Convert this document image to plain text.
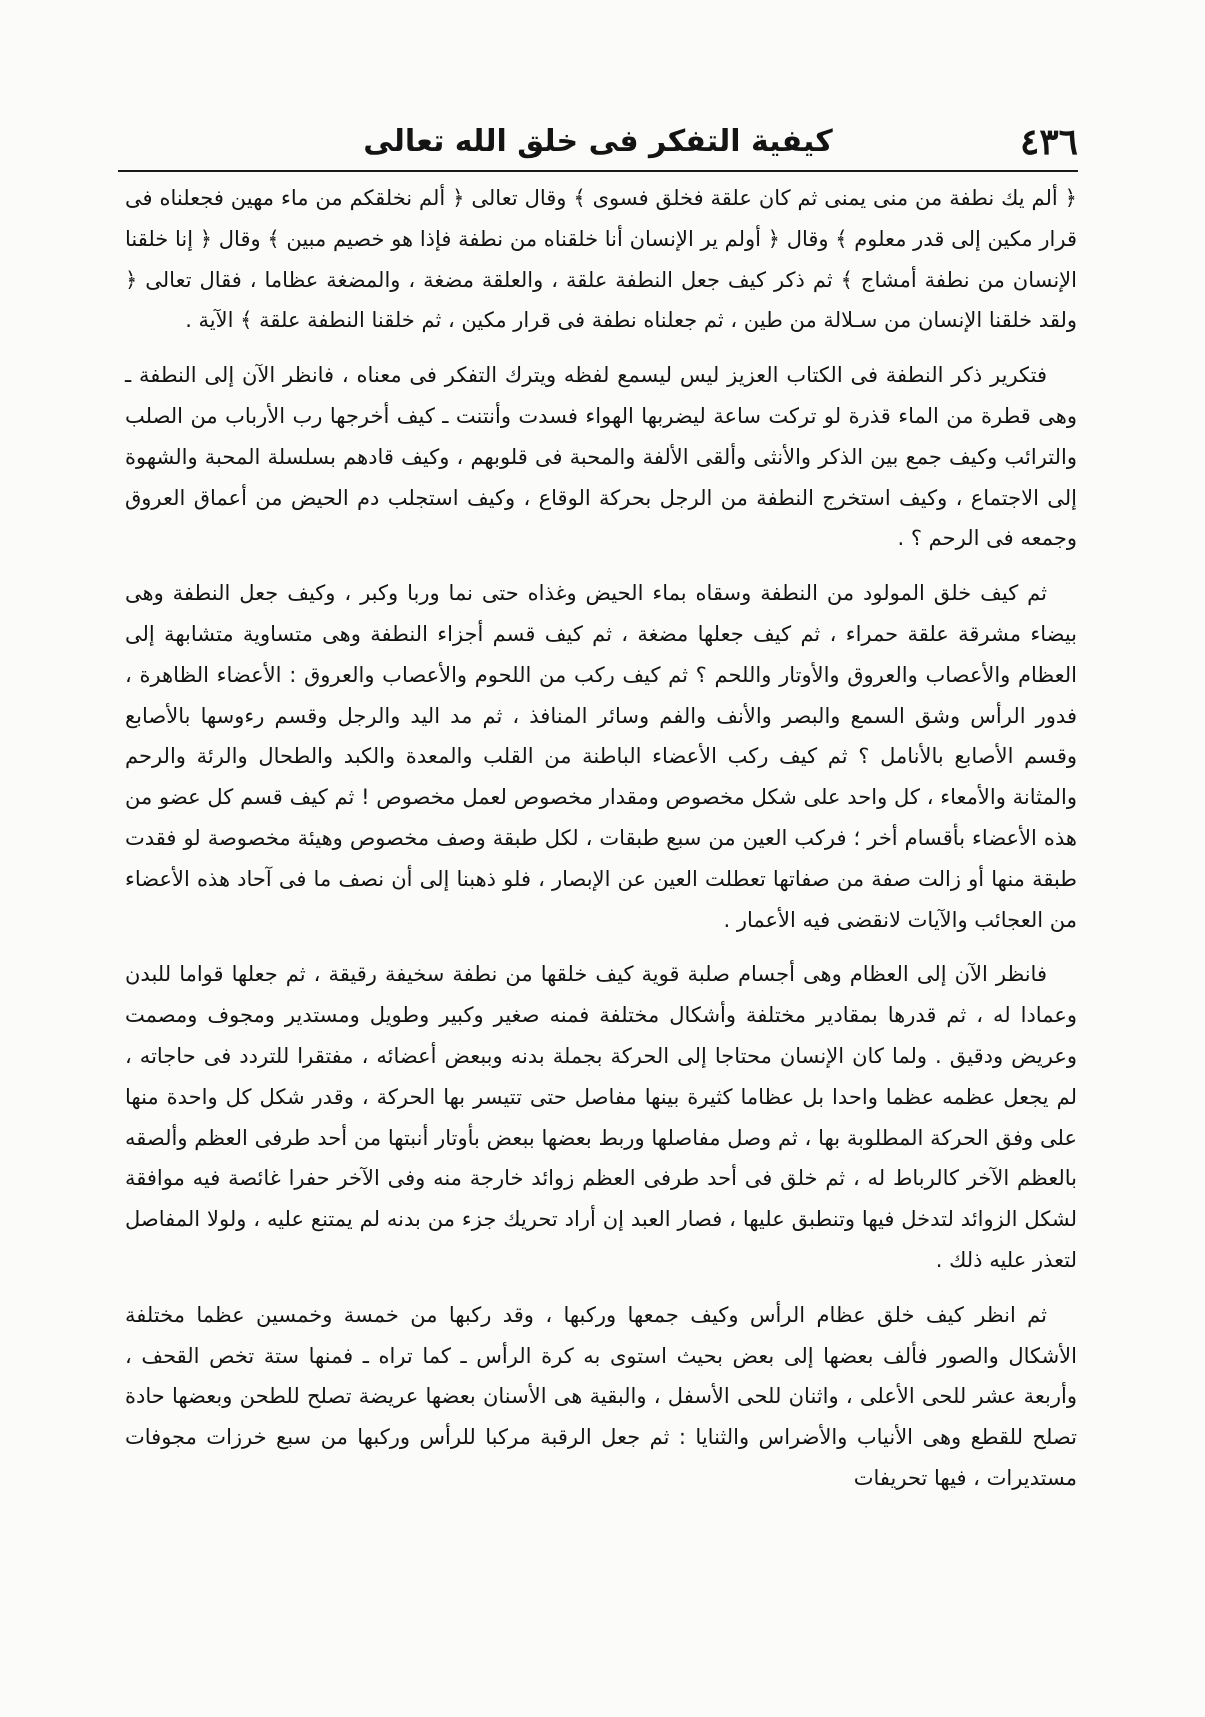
٤٣٦
كيفية التفكر فى خلق الله تعالى

﴿ ألم يك نطفة من منى يمنى ثم كان علقة فخلق فسوى ﴾ وقال تعالى ﴿ ألم نخلقكم من ماء مهين فجعلناه فى قرار مكين إلى قدر معلوم ﴾ وقال ﴿ أولم ير الإنسان أنا خلقناه من نطفة فإذا هو خصيم مبين ﴾ وقال ﴿ إنا خلقنا الإنسان من نطفة أمشاج ﴾ ثم ذكر كيف جعل النطفة علقة ، والعلقة مضغة ، والمضغة عظاما ، فقال تعالى ﴿ ولقد خلقنا الإنسان من سـلالة من طين ، ثم جعلناه نطفة فى قرار مكين ، ثم خلقنا النطفة علقة ﴾ الآية .

فتكرير ذكر النطفة فى الكتاب العزيز ليس ليسمع لفظه ويترك التفكر فى معناه ، فانظر الآن إلى النطفة ـ وهى قطرة من الماء قذرة لو تركت ساعة ليضربها الهواء فسدت وأنتنت ـ كيف أخرجها رب الأرباب من الصلب والترائب وكيف جمع بين الذكر والأنثى وألقى الألفة والمحبة فى قلوبهم ، وكيف قادهم بسلسلة المحبة والشهوة إلى الاجتماع ، وكيف استخرج النطفة من الرجل بحركة الوقاع ، وكيف استجلب دم الحيض من أعماق العروق وجمعه فى الرحم ؟ .

ثم كيف خلق المولود من النطفة وسقاه بماء الحيض وغذاه حتى نما وربا وكبر ، وكيف جعل النطفة وهى بيضاء مشرقة علقة حمراء ، ثم كيف جعلها مضغة ، ثم كيف قسم أجزاء النطفة وهى متساوية متشابهة إلى العظام والأعصاب والعروق والأوتار واللحم ؟ ثم كيف ركب من اللحوم والأعصاب والعروق : الأعضاء الظاهرة ، فدور الرأس وشق السمع والبصر والأنف والفم وسائر المنافذ ، ثم مد اليد والرجل وقسم رءوسها بالأصابع وقسم الأصابع بالأنامل ؟ ثم كيف ركب الأعضاء الباطنة من القلب والمعدة والكبد والطحال والرئة والرحم والمثانة والأمعاء ، كل واحد على شكل مخصوص ومقدار مخصوص لعمل مخصوص ! ثم كيف قسم كل عضو من هذه الأعضاء بأقسام أخر ؛ فركب العين من سبع طبقات ، لكل طبقة وصف مخصوص وهيئة مخصوصة لو فقدت طبقة منها أو زالت صفة من صفاتها تعطلت العين عن الإبصار ، فلو ذهبنا إلى أن نصف ما فى آحاد هذه الأعضاء من العجائب والآيات لانقضى فيه الأعمار .

فانظر الآن إلى العظام وهى أجسام صلبة قوية كيف خلقها من نطفة سخيفة رقيقة ، ثم جعلها قواما للبدن وعمادا له ، ثم قدرها بمقادير مختلفة وأشكال مختلفة فمنه صغير وكبير وطويل ومستدير ومجوف ومصمت وعريض ودقيق . ولما كان الإنسان محتاجا إلى الحركة بجملة بدنه وببعض أعضائه ، مفتقرا للتردد فى حاجاته ، لم يجعل عظمه عظما واحدا بل عظاما كثيرة بينها مفاصل حتى تتيسر بها الحركة ، وقدر شكل كل واحدة منها على وفق الحركة المطلوبة بها ، ثم وصل مفاصلها وربط بعضها ببعض بأوتار أنبتها من أحد طرفى العظم وألصقه بالعظم الآخر كالرباط له ، ثم خلق فى أحد طرفى العظم زوائد خارجة منه وفى الآخر حفرا غائصة فيه موافقة لشكل الزوائد لتدخل فيها وتنطبق عليها ، فصار العبد إن أراد تحريك جزء من بدنه لم يمتنع عليه ، ولولا المفاصل لتعذر عليه ذلك .

ثم انظر كيف خلق عظام الرأس وكيف جمعها وركبها ، وقد ركبها من خمسة وخمسين عظما مختلفة الأشكال والصور فألف بعضها إلى بعض بحيث استوى به كرة الرأس ـ كما تراه ـ فمنها ستة تخص القحف ، وأربعة عشر للحى الأعلى ، واثنان للحى الأسفل ، والبقية هى الأسنان بعضها عريضة تصلح للطحن وبعضها حادة تصلح للقطع وهى الأنياب والأضراس والثنايا : ثم جعل الرقبة مركبا للرأس وركبها من سبع خرزات مجوفات مستديرات ، فيها تحريفات
